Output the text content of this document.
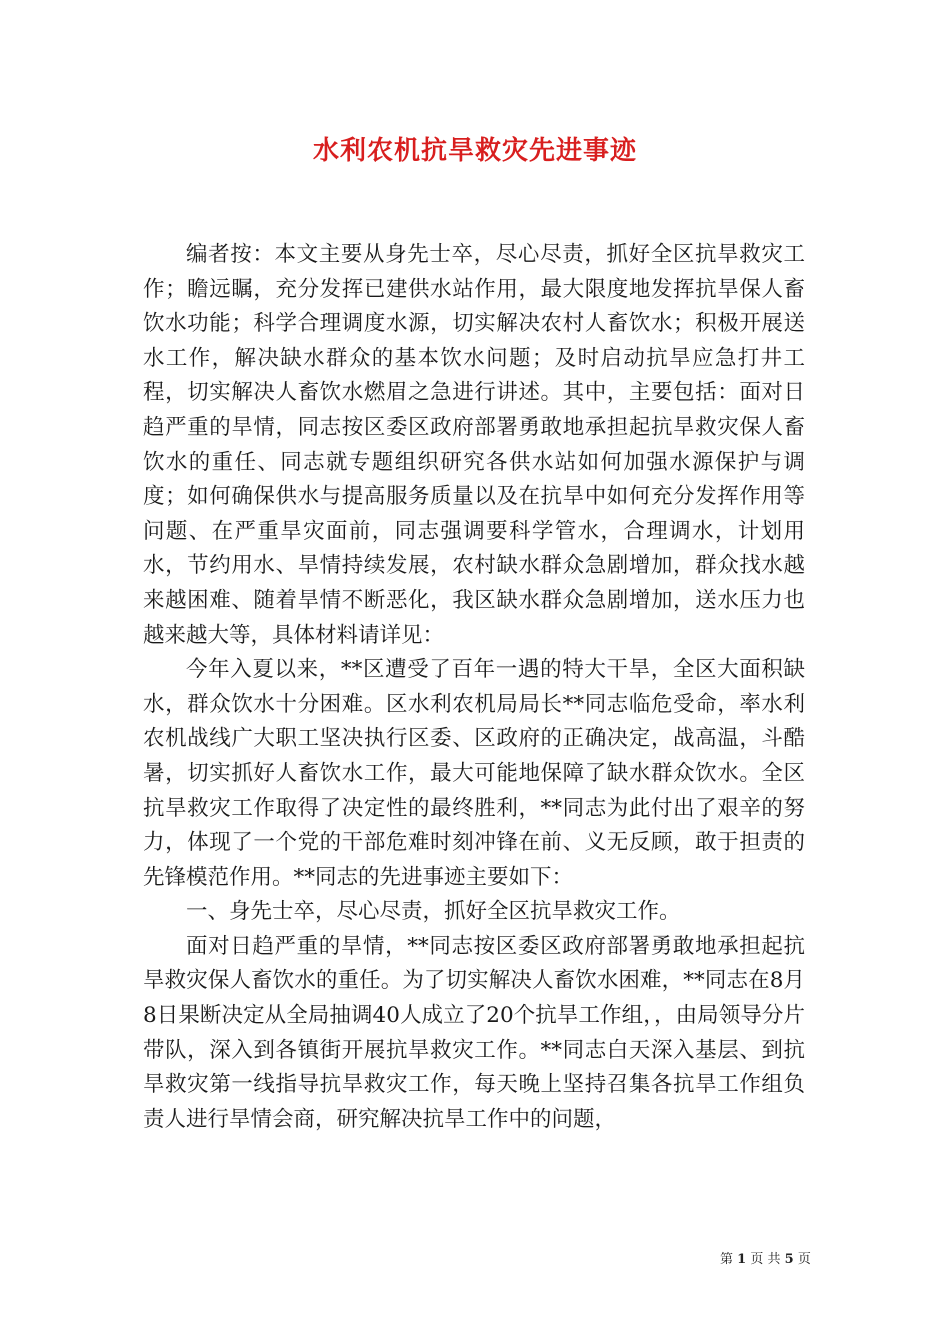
水利农机抗旱救灾先进事迹

编者按：本文主要从身先士卒，尽心尽责，抓好全区抗旱救灾工作；瞻远瞩，充分发挥已建供水站作用，最大限度地发挥抗旱保人畜饮水功能；科学合理调度水源，切实解决农村人畜饮水；积极开展送水工作，解决缺水群众的基本饮水问题；及时启动抗旱应急打井工程，切实解决人畜饮水燃眉之急进行讲述。其中，主要包括：面对日趋严重的旱情，同志按区委区政府部署勇敢地承担起抗旱救灾保人畜饮水的重任、同志就专题组织研究各供水站如何加强水源保护与调度；如何确保供水与提高服务质量以及在抗旱中如何充分发挥作用等问题、在严重旱灾面前，同志强调要科学管水，合理调水，计划用水，节约用水、旱情持续发展，农村缺水群众急剧增加，群众找水越来越困难、随着旱情不断恶化，我区缺水群众急剧增加，送水压力也越来越大等，具体材料请详见：

今年入夏以来，**区遭受了百年一遇的特大干旱，全区大面积缺水，群众饮水十分困难。区水利农机局局长**同志临危受命，率水利农机战线广大职工坚决执行区委、区政府的正确决定，战高温，斗酷暑，切实抓好人畜饮水工作，最大可能地保障了缺水群众饮水。全区抗旱救灾工作取得了决定性的最终胜利，**同志为此付出了艰辛的努力，体现了一个党的干部危难时刻冲锋在前、义无反顾，敢于担责的先锋模范作用。**同志的先进事迹主要如下：

一、身先士卒，尽心尽责，抓好全区抗旱救灾工作。

面对日趋严重的旱情，**同志按区委区政府部署勇敢地承担起抗旱救灾保人畜饮水的重任。为了切实解决人畜饮水困难，**同志在8月8日果断决定从全局抽调40人成立了20个抗旱工作组，，由局领导分片带队，深入到各镇街开展抗旱救灾工作。**同志白天深入基层、到抗旱救灾第一线指导抗旱救灾工作，每天晚上坚持召集各抗旱工作组负责人进行旱情会商，研究解决抗旱工作中的问题，

第 1 页 共 5 页
